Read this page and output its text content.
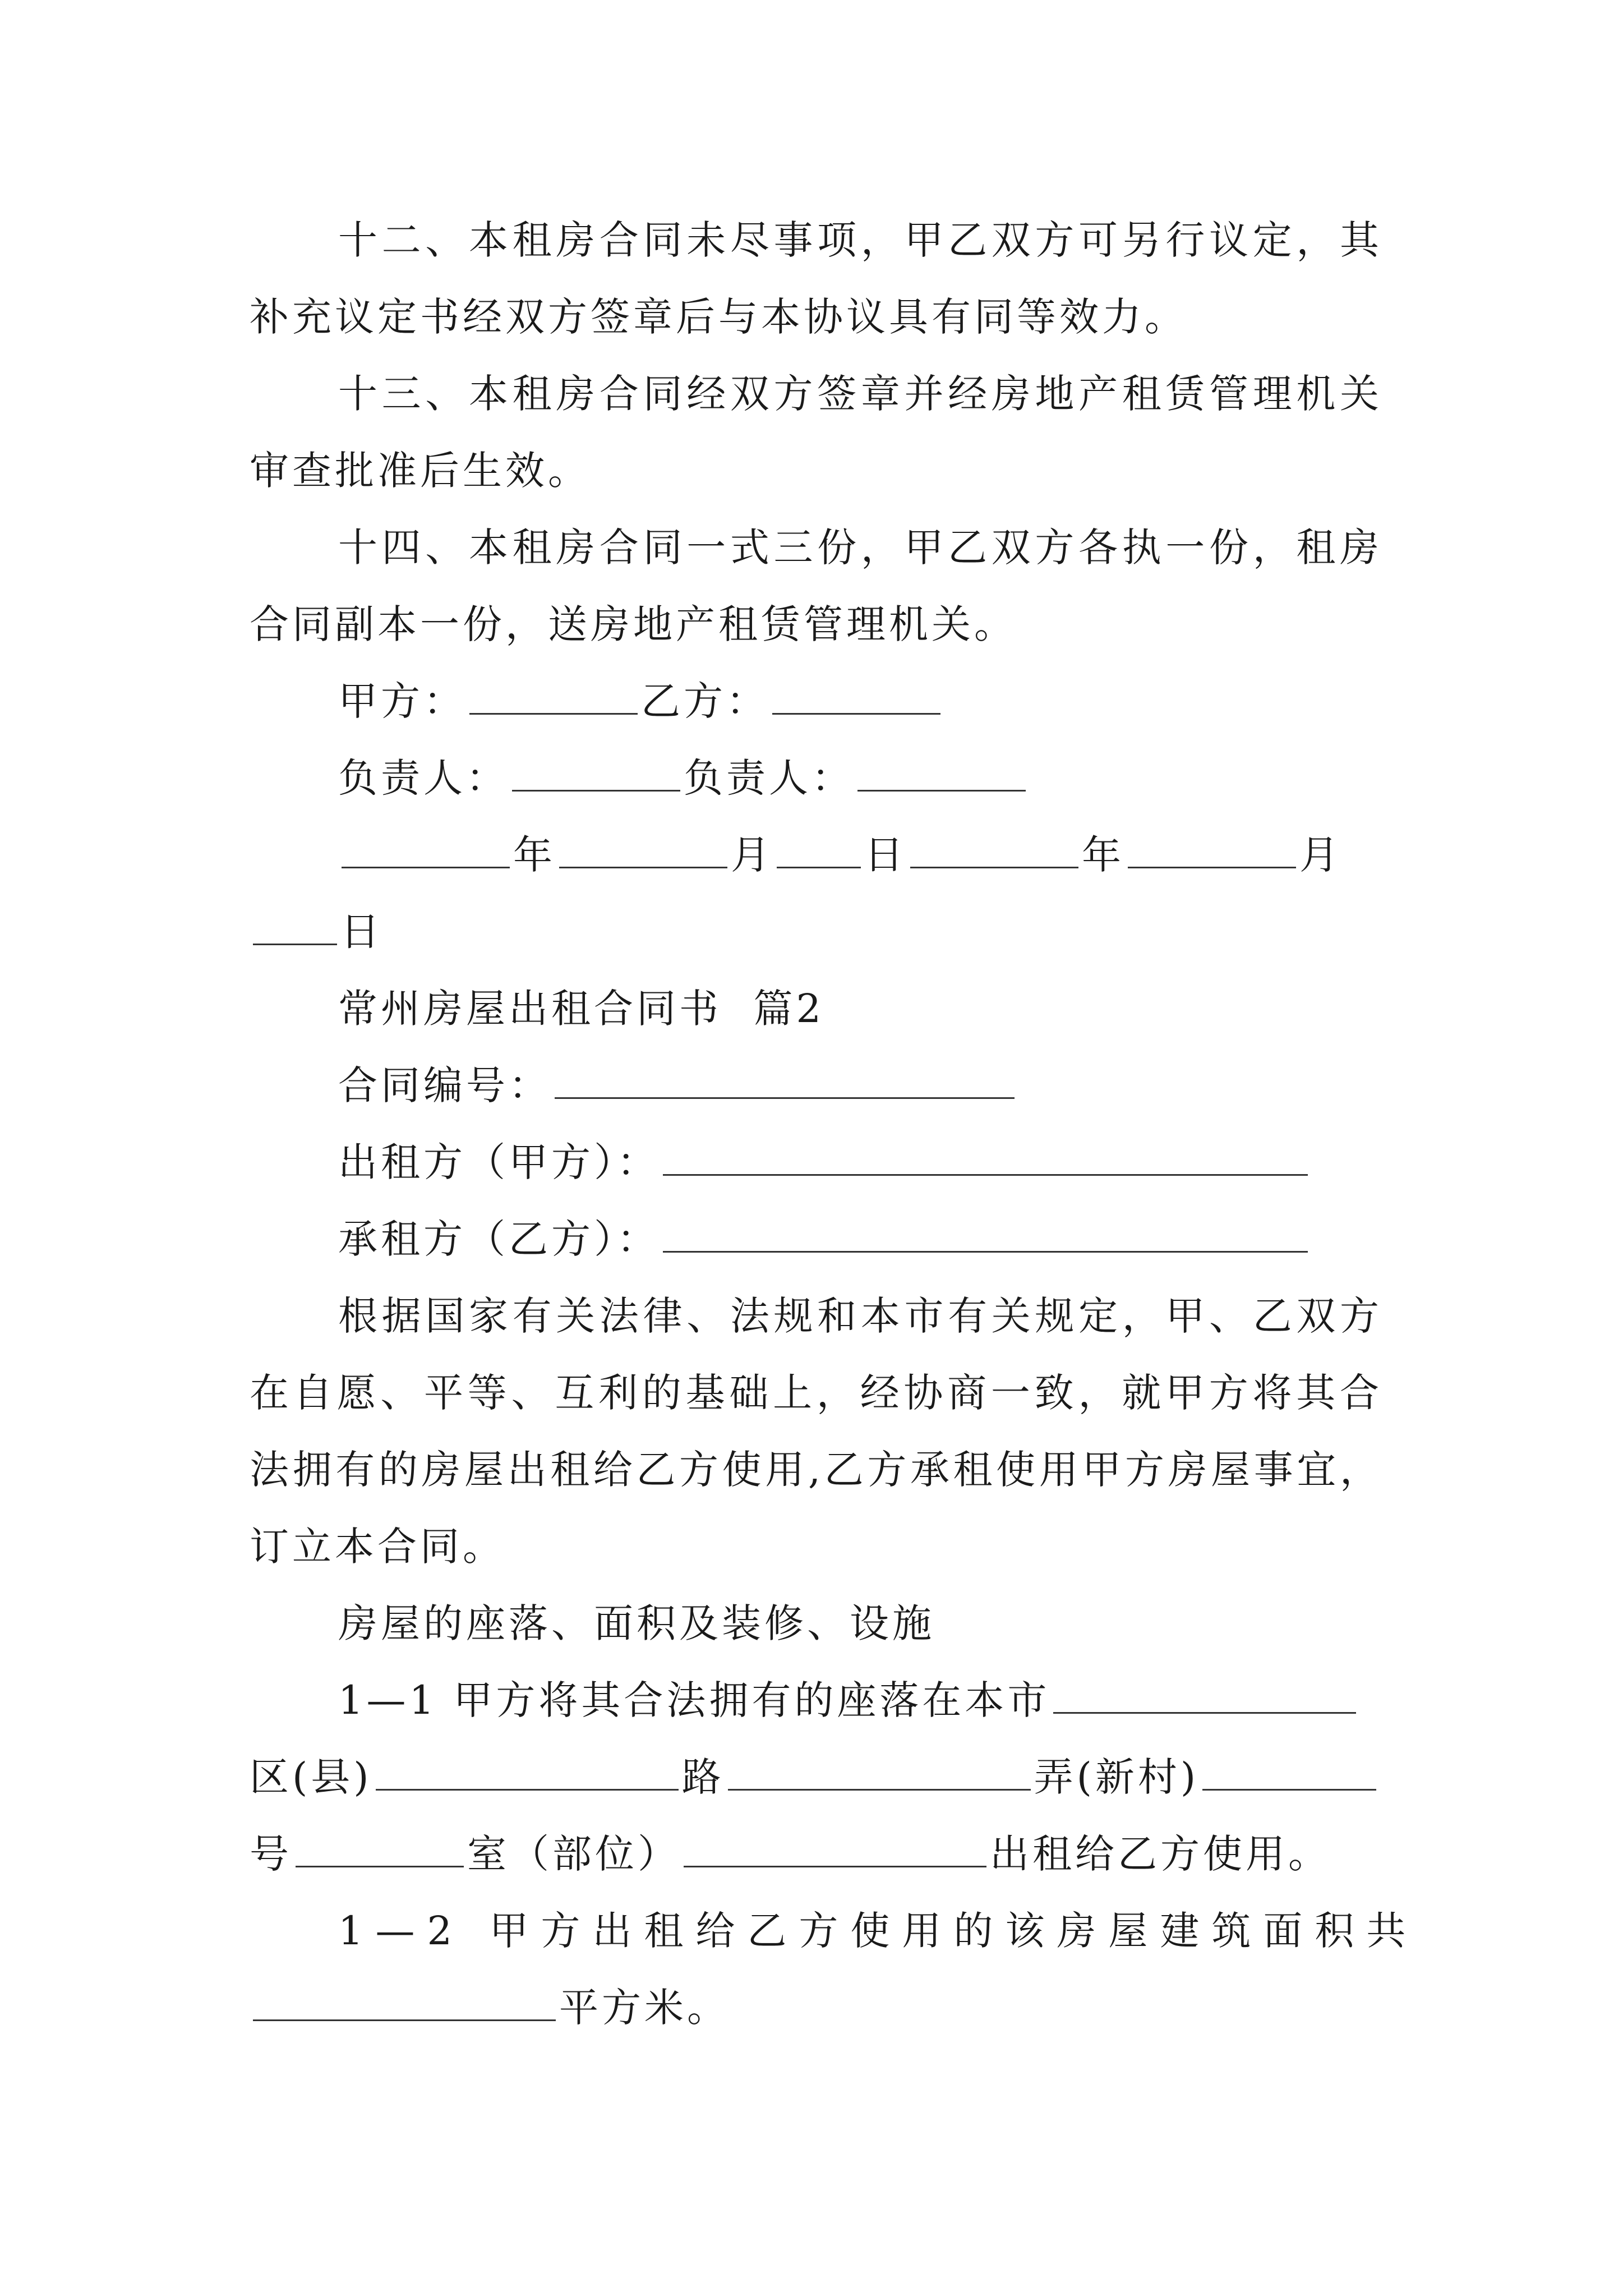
十二、本租房合同未尽事项，甲乙双方可另行议定，其补充议定书经双方签章后与本协议具有同等效力。

十三、本租房合同经双方签章并经房地产租赁管理机关审查批准后生效。

十四、本租房合同一式三份，甲乙双方各执一份，租房合同副本一份，送房地产租赁管理机关。

甲方：	乙方：

负责人：	负责人：

年	月 日	年	月

日

常州房屋出租合同书  篇2

合同编号：

出租方（甲方）：

承租方（乙方）：

根据国家有关法律、法规和本市有关规定，甲、乙双方在自愿、平等、互利的基础上，经协商一致，就甲方将其合法拥有的房屋出租给乙方使用,乙方承租使用甲方房屋事宜，订立本合同。

房屋的座落、面积及装修、设施

1—1 甲方将其合法拥有的座落在本市

区(县)	路	弄(新村)

号	室（部位）	出租给乙方使用。

1—2 甲方出租给乙方使用的该房屋建筑面积共

平方米。
